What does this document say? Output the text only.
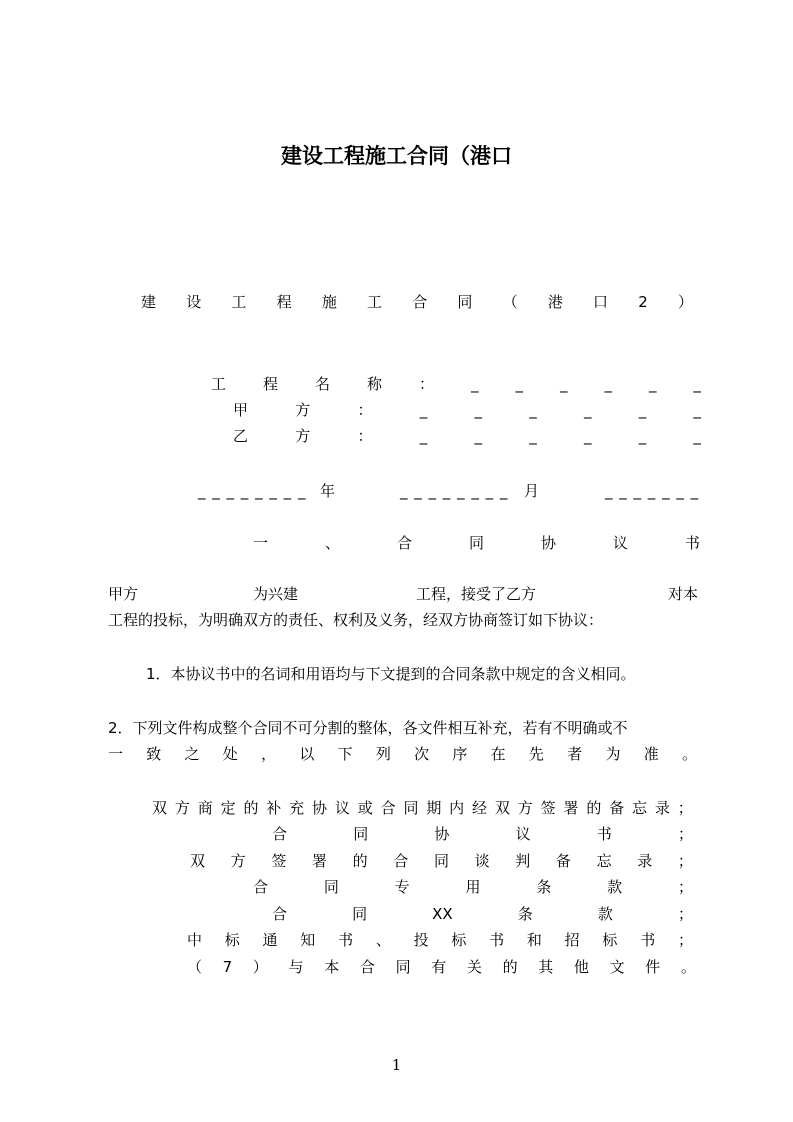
建设工程施工合同（港口
建 设 工 程 施 工 合 同 （ 港 口 2 ）
工 程 名 称 ： _ _ _ _ _ _
甲	方	：	_	_	_	_	_	_
乙	方	：	_	_	_	_	_	_
_ _ _ _ _ _ _ _ 年	_ _ _ _ _ _ _ _ 月	_ _ _ _ _ _ _
一	、	合	同	协	议	书
甲方	为兴建	工程，接受了乙方	对本
工程的投标，为明确双方的责任、权利及义务，经双方协商签订如下协议：
1．本协议书中的名词和用语均与下文提到的合同条款中规定的含义相同。
2．下列文件构成整个合同不可分割的整体，各文件相互补充，若有不明确或不
一 致 之 处 ， 以 下 列 次 序 在 先 者 为 准 。
双 方 商 定 的 补 充 协 议 或 合 同 期 内 经 双 方 签 署 的 备 忘 录 ；
合	同	协	议	书	；
双 方 签 署 的 合 同 谈 判 备 忘 录 ；
合	同	专	用	条	款	；
合	同	XX	条	款	；
中 标 通 知 书 、 投 标 书 和 招 标 书 ；
（ 7 ） 与 本 合 同 有 关 的 其 他 文 件 。
1
